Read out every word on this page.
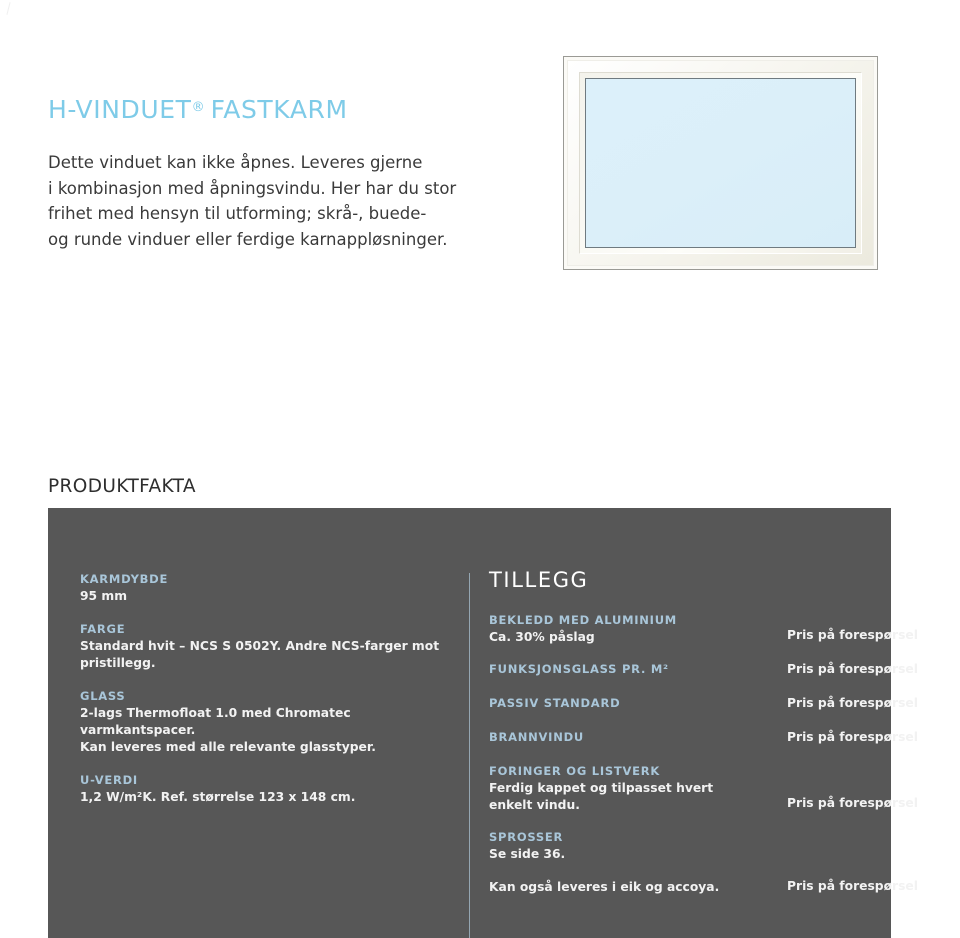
H-VINDUET® FASTKARM

Dette vinduet kan ikke åpnes. Leveres gjerne

i kombinasjon med åpningsvindu. Her har du stor

frihet med hensyn til utforming; skrå-, buede-

og runde vinduer eller ferdige karnappløsninger.

PRODUKTFAKTA

KARMDYBDE

95 mm

FARGE

Standard hvit – NCS S 0502Y. Andre NCS-farger mot

pristillegg.

GLASS

2-lags Thermofloat 1.0 med Chromatec varmkantspacer.

Kan leveres med alle relevante glasstyper.

U-VERDI

1,2 W/m²K. Ref. størrelse 123 x 148 cm.

TILLEGG

BEKLEDD MED ALUMINIUM

Ca. 30% påslag	Pris på forespørsel

FUNKSJONSGLASS PR. M²	Pris på forespørsel

PASSIV STANDARD	Pris på forespørsel

BRANNVINDU	Pris på forespørsel

FORINGER OG LISTVERK

Ferdig kappet og tilpasset hvert

enkelt vindu.	Pris på forespørsel

SPROSSER

Se side 36.

Kan også leveres i eik og accoya.	Pris på forespørsel
